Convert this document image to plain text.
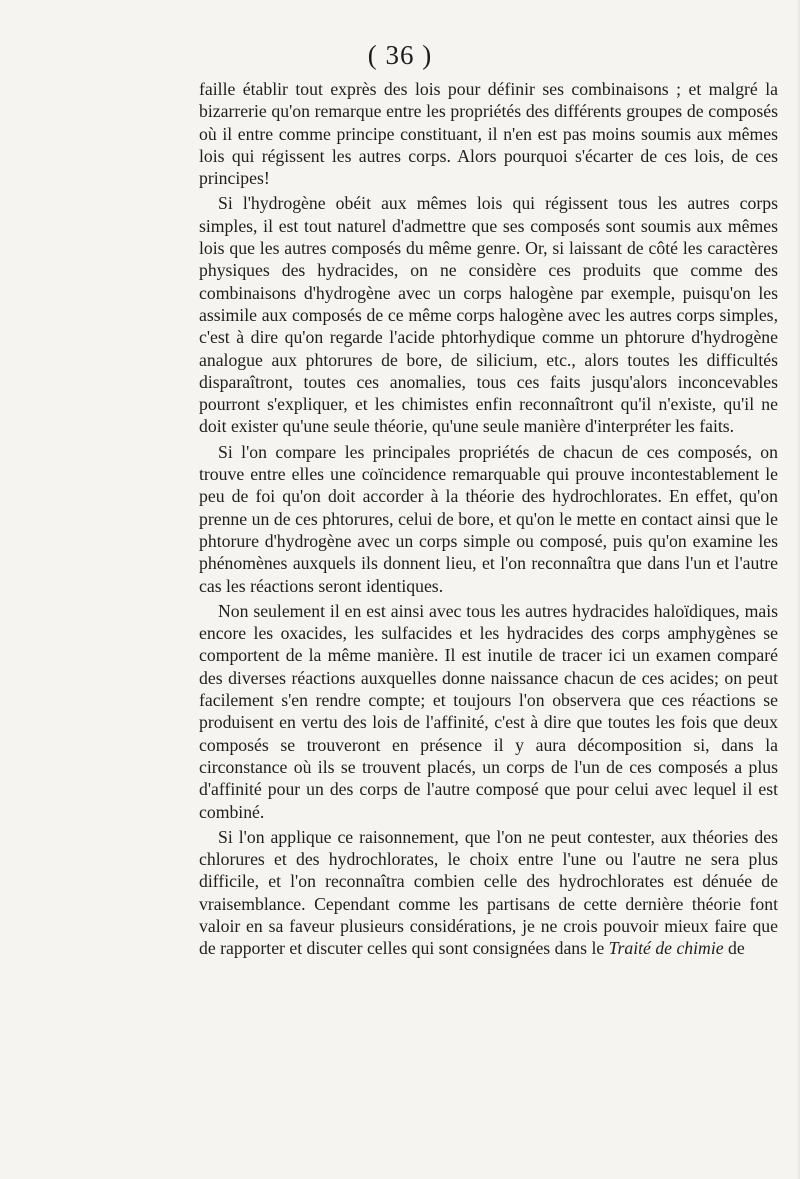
( 36 )

faille établir tout exprès des lois pour définir ses combinaisons ; et malgré la bizarrerie qu'on remarque entre les propriétés des différents groupes de composés où il entre comme principe constituant, il n'en est pas moins soumis aux mêmes lois qui régissent les autres corps. Alors pourquoi s'écarter de ces lois, de ces principes!

Si l'hydrogène obéit aux mêmes lois qui régissent tous les autres corps simples, il est tout naturel d'admettre que ses composés sont soumis aux mêmes lois que les autres composés du même genre. Or, si laissant de côté les caractères physiques des hydracides, on ne considère ces produits que comme des combinaisons d'hydrogène avec un corps halogène par exemple, puisqu'on les assimile aux composés de ce même corps halogène avec les autres corps simples, c'est à dire qu'on regarde l'acide phtorhydique comme un phtorure d'hydrogène analogue aux phtorures de bore, de silicium, etc., alors toutes les difficultés disparaîtront, toutes ces anomalies, tous ces faits jusqu'alors inconcevables pourront s'expliquer, et les chimistes enfin reconnaîtront qu'il n'existe, qu'il ne doit exister qu'une seule théorie, qu'une seule manière d'interpréter les faits.

Si l'on compare les principales propriétés de chacun de ces composés, on trouve entre elles une coïncidence remarquable qui prouve incontestablement le peu de foi qu'on doit accorder à la théorie des hydrochlorates. En effet, qu'on prenne un de ces phtorures, celui de bore, et qu'on le mette en contact ainsi que le phtorure d'hydrogène avec un corps simple ou composé, puis qu'on examine les phénomènes auxquels ils donnent lieu, et l'on reconnaîtra que dans l'un et l'autre cas les réactions seront identiques.

Non seulement il en est ainsi avec tous les autres hydracides haloïdiques, mais encore les oxacides, les sulfacides et les hydracides des corps amphygènes se comportent de la même manière. Il est inutile de tracer ici un examen comparé des diverses réactions auxquelles donne naissance chacun de ces acides; on peut facilement s'en rendre compte; et toujours l'on observera que ces réactions se produisent en vertu des lois de l'affinité, c'est à dire que toutes les fois que deux composés se trouveront en présence il y aura décomposition si, dans la circonstance où ils se trouvent placés, un corps de l'un de ces composés a plus d'affinité pour un des corps de l'autre composé que pour celui avec lequel il est combiné.

Si l'on applique ce raisonnement, que l'on ne peut contester, aux théories des chlorures et des hydrochlorates, le choix entre l'une ou l'autre ne sera plus difficile, et l'on reconnaîtra combien celle des hydrochlorates est dénuée de vraisemblance. Cependant comme les partisans de cette dernière théorie font valoir en sa faveur plusieurs considérations, je ne crois pouvoir mieux faire que de rapporter et discuter celles qui sont consignées dans le Traité de chimie de
